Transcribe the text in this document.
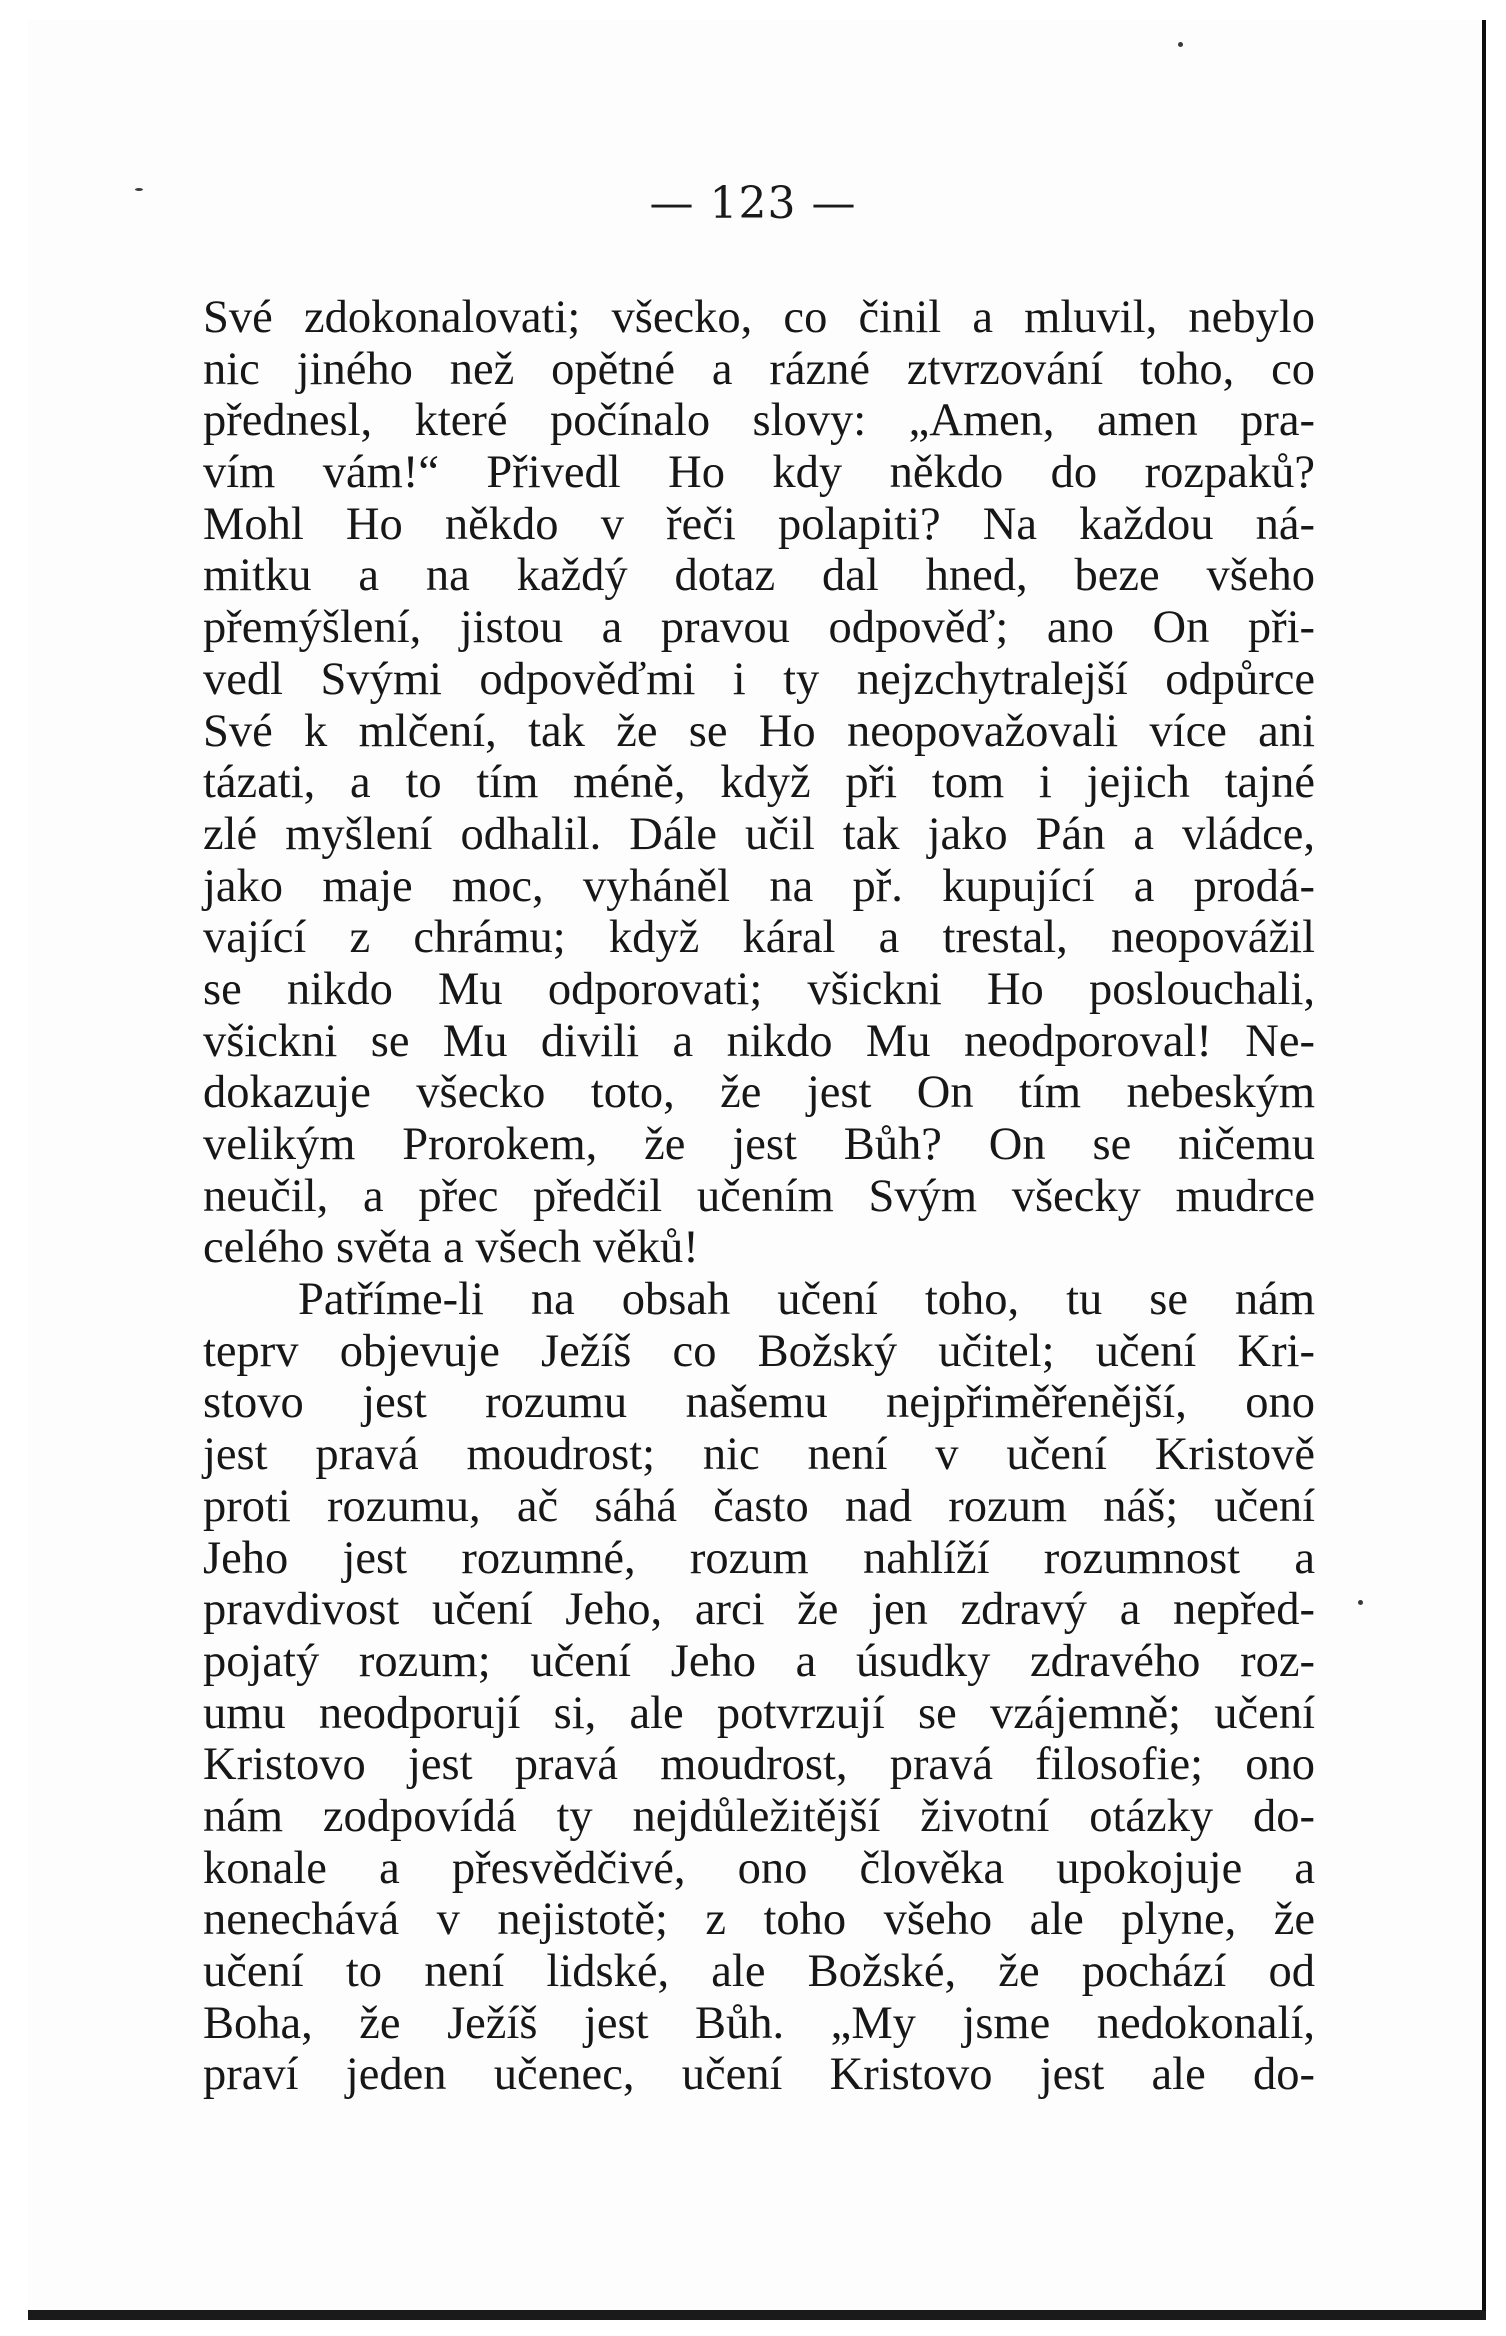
— 123 —
Své zdokonalovati; všecko, co činil a mluvil, nebylo
nic jiného než opětné a rázné ztvrzování toho, co
přednesl, které počínalo slovy: „Amen, amen pra-
vím vám!“ Přivedl Ho kdy někdo do rozpaků?
Mohl Ho někdo v řeči polapiti? Na každou ná-
mitku a na každý dotaz dal hned, beze všeho
přemýšlení, jistou a pravou odpověď; ano On při-
vedl Svými odpověďmi i ty nejzchytralejší odpůrce
Své k mlčení, tak že se Ho neopovažovali více ani
tázati, a to tím méně, když při tom i jejich tajné
zlé myšlení odhalil. Dále učil tak jako Pán a vládce,
jako maje moc, vyháněl na př. kupující a prodá-
vající z chrámu; když káral a trestal, neopovážil
se nikdo Mu odporovati; všickni Ho poslouchali,
všickni se Mu divili a nikdo Mu neodporoval! Ne-
dokazuje všecko toto, že jest On tím nebeským
velikým Prorokem, že jest Bůh? On se ničemu
neučil, a přec předčil učením Svým všecky mudrce
celého světa a všech věků!
Patříme-li na obsah učení toho, tu se nám
teprv objevuje Ježíš co Božský učitel; učení Kri-
stovo jest rozumu našemu nejpřiměřenější, ono
jest pravá moudrost; nic není v učení Kristově
proti rozumu, ač sáhá často nad rozum náš; učení
Jeho jest rozumné, rozum nahlíží rozumnost a
pravdivost učení Jeho, arci že jen zdravý a nepřed-
pojatý rozum; učení Jeho a úsudky zdravého roz-
umu neodporují si, ale potvrzují se vzájemně; učení
Kristovo jest pravá moudrost, pravá filosofie; ono
nám zodpovídá ty nejdůležitější životní otázky do-
konale a přesvědčivé, ono člověka upokojuje a
nenechává v nejistotě; z toho všeho ale plyne, že
učení to není lidské, ale Božské, že pochází od
Boha, že Ježíš jest Bůh. „My jsme nedokonalí,
praví jeden učenec, učení Kristovo jest ale do-
